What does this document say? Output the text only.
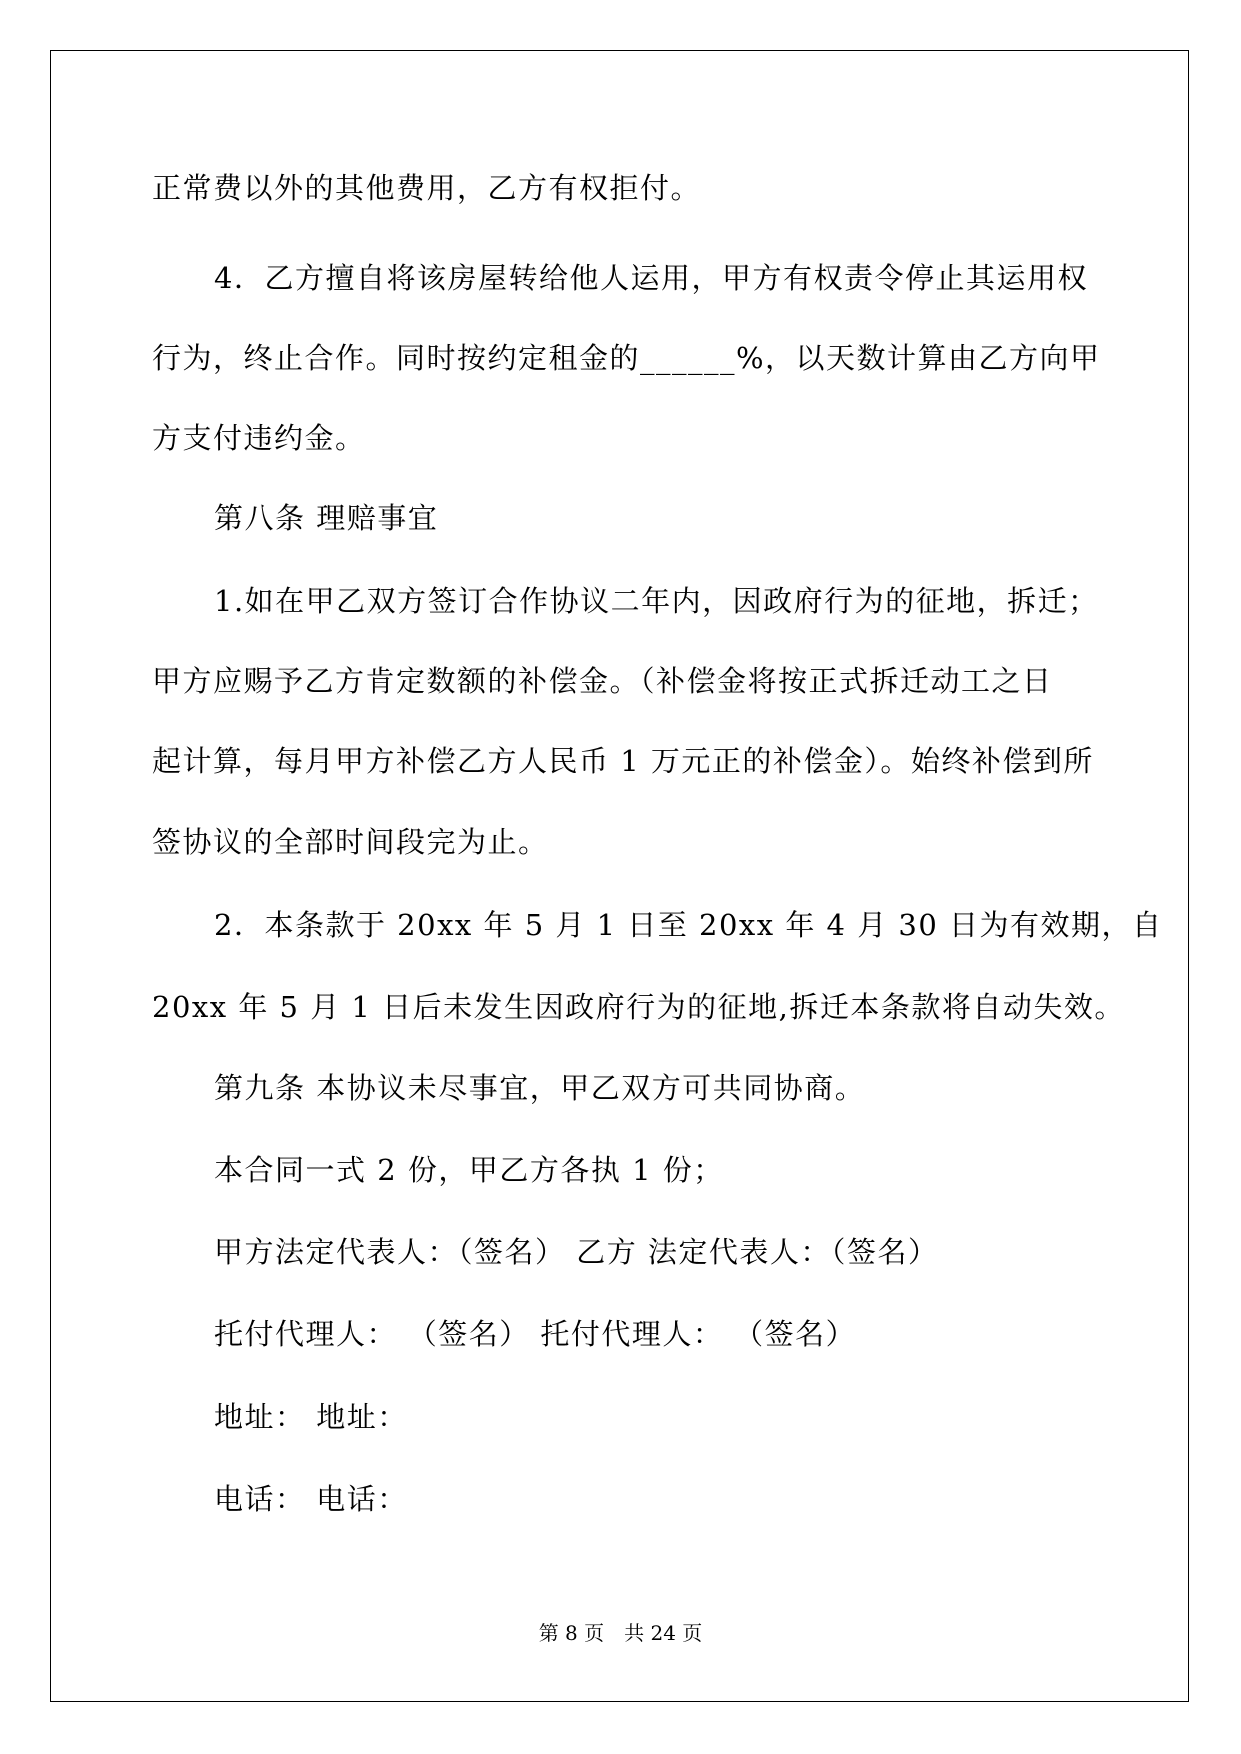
正常费以外的其他费用，乙方有权拒付。
4．乙方擅自将该房屋转给他人运用，甲方有权责令停止其运用权
行为，终止合作。同时按约定租金的______%，以天数计算由乙方向甲
方支付违约金。
第八条 理赔事宜
1.如在甲乙双方签订合作协议二年内，因政府行为的征地，拆迁；
甲方应赐予乙方肯定数额的补偿金。（补偿金将按正式拆迁动工之日
起计算，每月甲方补偿乙方人民币 1 万元正的补偿金）。始终补偿到所
签协议的全部时间段完为止。
2．本条款于 20xx 年 5 月 1 日至 20xx 年 4 月 30 日为有效期，自
20xx 年 5 月 1 日后未发生因政府行为的征地,拆迁本条款将自动失效。
第九条 本协议未尽事宜，甲乙双方可共同协商。
本合同一式 2 份，甲乙方各执 1 份；
甲方法定代表人：（签名） 乙方 法定代表人：（签名）
托付代理人： （签名） 托付代理人： （签名）
地址： 地址：
电话： 电话：
第 8 页　共 24 页
